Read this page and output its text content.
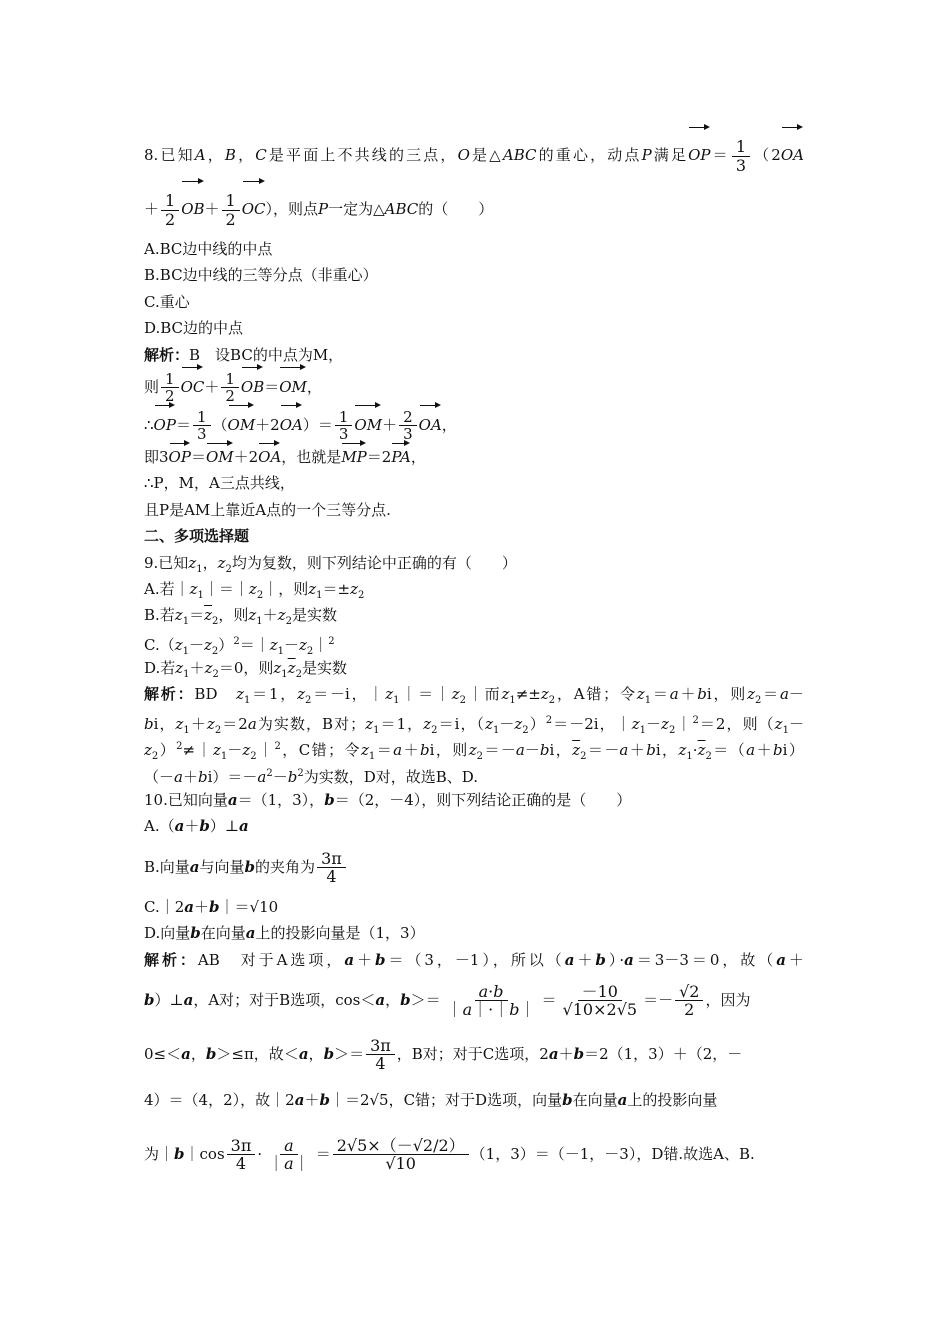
8.已知A，B，C是平面上不共线的三点，O是△ABC的重心，动点P满足$OP= \frac{1}{3} (2OA$
＋ $\frac{1}{2} OB+ \frac{1}{2} OC$），则点P一定为△ABC的（　　）
A.BC边中线的中点
B.BC边中线的三等分点（非重心）
C.重心
D.BC边的中点
解析：B　设BC的中点为M，
则 $\frac{1}{2} OC+ \frac{1}{2} OB=OM$，
∴OP＝ $\frac{1}{3} (OM+2OA)= \frac{1}{3} OM+ \frac{2}{3}$ OA，
即3OP＝OM＋2OA，也就是MP＝2PA，
∴P，M，A三点共线，
且P是AM上靠近A点的一个三等分点.
二、多项选择题
9.已知$z_1$，$z_2$均为复数，则下列结论中正确的有（　　）
A.若$|z_1|=|z_2|$，则$z_1=\pm z_2$
B.若$z_1=\overline{z}_2$，则$z_1+z_2$是实数
$C.(z_1-z_2)^2=|z_1-z_2|^2$
D.若$z_1+z_2=0$，则$z_1\overline{z}_2$是实数
解析：BD　$z_1=1$，$z_2=-i$，$|z_1|=|z_2|$而$z_1\ne\pm z_2$，A错；令$z_1=a+bi$，则$z_2=a-$
bi，$z_1+z_2=2a$为实数，B对；$z_1=1$，$z_2=i$，$(z_1-z_2)^2=-2i$，$|z_1-z_2|^2=2$，则（$z_1-$
$z_2)^2\ne|z_1-z_2|^2$，C错；令$z_1=a+bi$，则$z_2=-a-bi$，$\overline{z}_2=-a+bi$，$z_1\cdot\overline{z}_2=(a+bi)$
$(-a+bi)=-a^2-b^2$为实数，D对，故选B、D.
10.已知向量a＝（1，3），b＝（2，－4），则下列结论正确的是（　　）
A.（a＋b）⊥a
B.向量a与向量b的夹角为 $\frac{3\pi}{4}$
C.｜2a＋b｜＝√10
D.向量b在向量a上的投影向量是（1，3）
解析：AB　对于A选项，a＋b＝（3，－1），所以（a＋b）·a＝3－3＝0，故（a＋
b）⊥a，A对；对于B选项，cos＜a，$b>= \frac{a\cdot b}{|a|\cdot|b|} = \frac{-10}{√10\times 2√5} =- \frac{√2}{2}$ ，因为
0≤＜a，b＞≤π，故＜a，$b>= \frac{3\pi}{4}$ ，B对；对于C选项，2a＋b＝2（1，3）＋（2，－
4）＝（4，2），故｜2a＋b｜＝2√5，C错；对于D选项，向量b在向量a上的投影向量
为｜b｜cos $\frac{3\pi}{4} \cdot \frac{a}{|a|} = \frac{2√5\times(-√2/2)}{√10} (1$，3）＝（－1，－3），D错.故选A、B.
